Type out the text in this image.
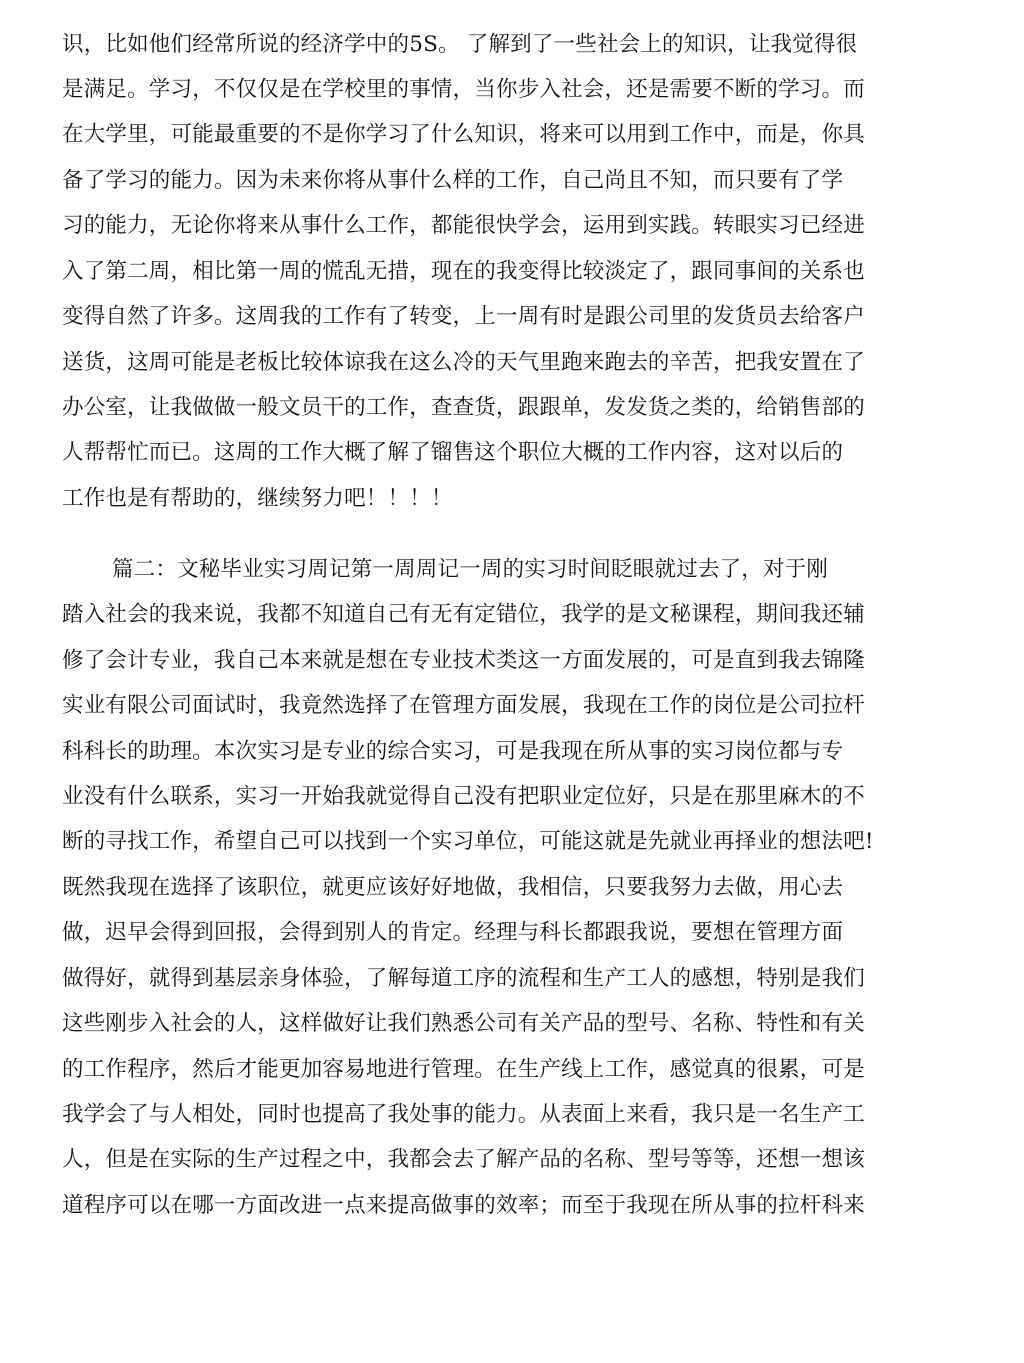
识，比如他们经常所说的经济学中的5S。 了解到了一些社会上的知识，让我觉得很
是满足。学习，不仅仅是在学校里的事情，当你步入社会，还是需要不断的学习。而
在大学里，可能最重要的不是你学习了什么知识，将来可以用到工作中，而是，你具
备了学习的能力。因为未来你将从事什么样的工作，自己尚且不知，而只要有了学
习的能力，无论你将来从事什么工作，都能很快学会，运用到实践。转眼实习已经进
入了第二周，相比第一周的慌乱无措，现在的我变得比较淡定了，跟同事间的关系也
变得自然了许多。这周我的工作有了转变，上一周有时是跟公司里的发货员去给客户
送货，这周可能是老板比较体谅我在这么冷的天气里跑来跑去的辛苦，把我安置在了
办公室，让我做做一般文员干的工作，查查货，跟跟单，发发货之类的，给销售部的
人帮帮忙而已。这周的工作大概了解了镏售这个职位大概的工作内容，这对以后的
工作也是有帮助的，继续努力吧！！！！
篇二：文秘毕业实习周记第一周周记一周的实习时间眨眼就过去了，对于刚
踏入社会的我来说，我都不知道自己有无有定错位，我学的是文秘课程，期间我还辅
修了会计专业，我自己本来就是想在专业技术类这一方面发展的，可是直到我去锦隆
实业有限公司面试时，我竟然选择了在管理方面发展，我现在工作的岗位是公司拉杆
科科长的助理。本次实习是专业的综合实习，可是我现在所从事的实习岗位都与专
业没有什么联系，实习一开始我就觉得自己没有把职业定位好，只是在那里麻木的不
断的寻找工作，希望自己可以找到一个实习单位，可能这就是先就业再择业的想法吧!
既然我现在选择了该职位，就更应该好好地做，我相信，只要我努力去做，用心去
做，迟早会得到回报，会得到别人的肯定。经理与科长都跟我说，要想在管理方面
做得好，就得到基层亲身体验，了解每道工序的流程和生产工人的感想，特别是我们
这些刚步入社会的人，这样做好让我们熟悉公司有关产品的型号、名称、特性和有关
的工作程序，然后才能更加容易地进行管理。在生产线上工作，感觉真的很累，可是
我学会了与人相处，同时也提高了我处事的能力。从表面上来看，我只是一名生产工
人，但是在实际的生产过程之中，我都会去了解产品的名称、型号等等，还想一想该
道程序可以在哪一方面改进一点来提高做事的效率；而至于我现在所从事的拉杆科来
